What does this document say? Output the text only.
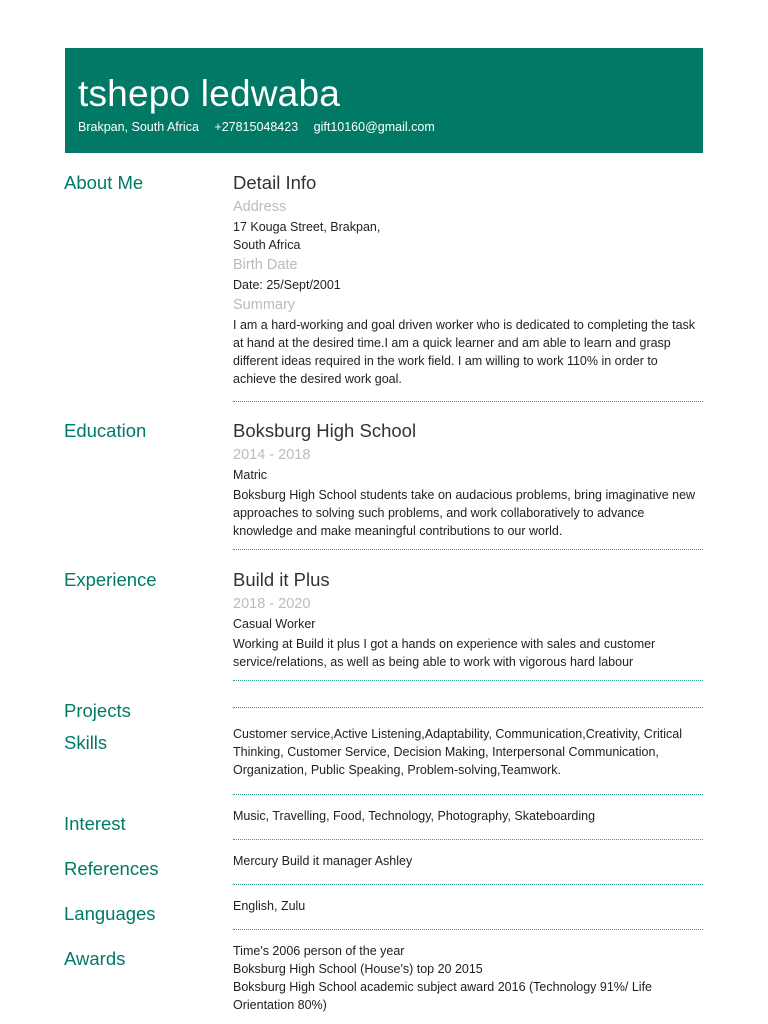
tshepo ledwaba
Brakpan, South Africa +27815048423 gift10160@gmail.com
About Me	Detail Info
Address
17 Kouga Street, Brakpan,
South Africa
Birth Date
Date: 25/Sept/2001
Summary
I am a hard-working and goal driven worker who is dedicated to completing the task at hand at the desired time.I am a quick learner and am able to learn and grasp different ideas required in the work field. I am willing to work 110% in order to achieve the desired work goal.
Education	Boksburg High School
2014 - 2018
Matric
Boksburg High School students take on audacious problems, bring imaginative new approaches to solving such problems, and work collaboratively to advance knowledge and make meaningful contributions to our world.
Experience	Build it Plus
2018 - 2020
Casual Worker
Working at Build it plus I got a hands on experience with sales and customer service/relations, as well as being able to work with vigorous hard labour
Projects
Skills	Customer service,Active Listening,Adaptability, Communication,Creativity, Critical Thinking, Customer Service, Decision Making, Interpersonal Communication, Organization, Public Speaking, Problem-solving,Teamwork.
Interest	Music, Travelling, Food, Technology, Photography, Skateboarding
References	Mercury Build it manager Ashley
Languages	English, Zulu
Awards	Time's 2006 person of the year
Boksburg High School (House's) top 20 2015
Boksburg High School academic subject award 2016 (Technology 91%/ Life Orientation 80%)
